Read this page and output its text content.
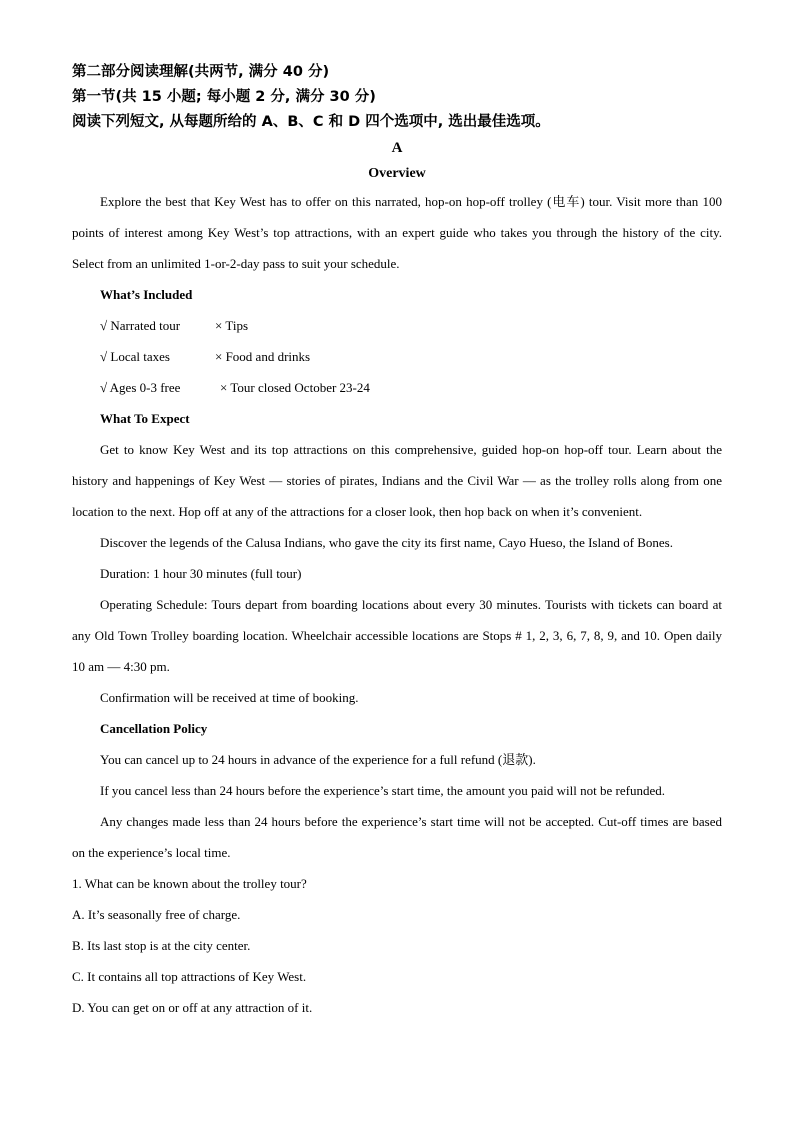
第二部分阅读理解(共两节, 满分 40 分)
第一节(共 15 小题; 每小题 2 分, 满分 30 分)
阅读下列短文, 从每题所给的 A、B、C 和 D 四个选项中, 选出最佳选项。
A
Overview
Explore the best that Key West has to offer on this narrated, hop-on hop-off trolley (电车) tour. Visit more than 100 points of interest among Key West’s top attractions, with an expert guide who takes you through the history of the city. Select from an unlimited 1-or-2-day pass to suit your schedule.
What’s Included
√ Narrated tour	× Tips
√ Local taxes	× Food and drinks
√ Ages 0-3 free	× Tour closed October 23-24
What To Expect
Get to know Key West and its top attractions on this comprehensive, guided hop-on hop-off tour. Learn about the history and happenings of Key West — stories of pirates, Indians and the Civil War — as the trolley rolls along from one location to the next. Hop off at any of the attractions for a closer look, then hop back on when it’s convenient.
Discover the legends of the Calusa Indians, who gave the city its first name, Cayo Hueso, the Island of Bones.
Duration: 1 hour 30 minutes (full tour)
Operating Schedule: Tours depart from boarding locations about every 30 minutes. Tourists with tickets can board at any Old Town Trolley boarding location. Wheelchair accessible locations are Stops # 1, 2, 3, 6, 7, 8, 9, and 10. Open daily 10 am — 4:30 pm.
Confirmation will be received at time of booking.
Cancellation Policy
You can cancel up to 24 hours in advance of the experience for a full refund (退款).
If you cancel less than 24 hours before the experience’s start time, the amount you paid will not be refunded.
Any changes made less than 24 hours before the experience’s start time will not be accepted. Cut-off times are based on the experience’s local time.
1. What can be known about the trolley tour?
A. It’s seasonally free of charge.
B. Its last stop is at the city center.
C. It contains all top attractions of Key West.
D. You can get on or off at any attraction of it.
